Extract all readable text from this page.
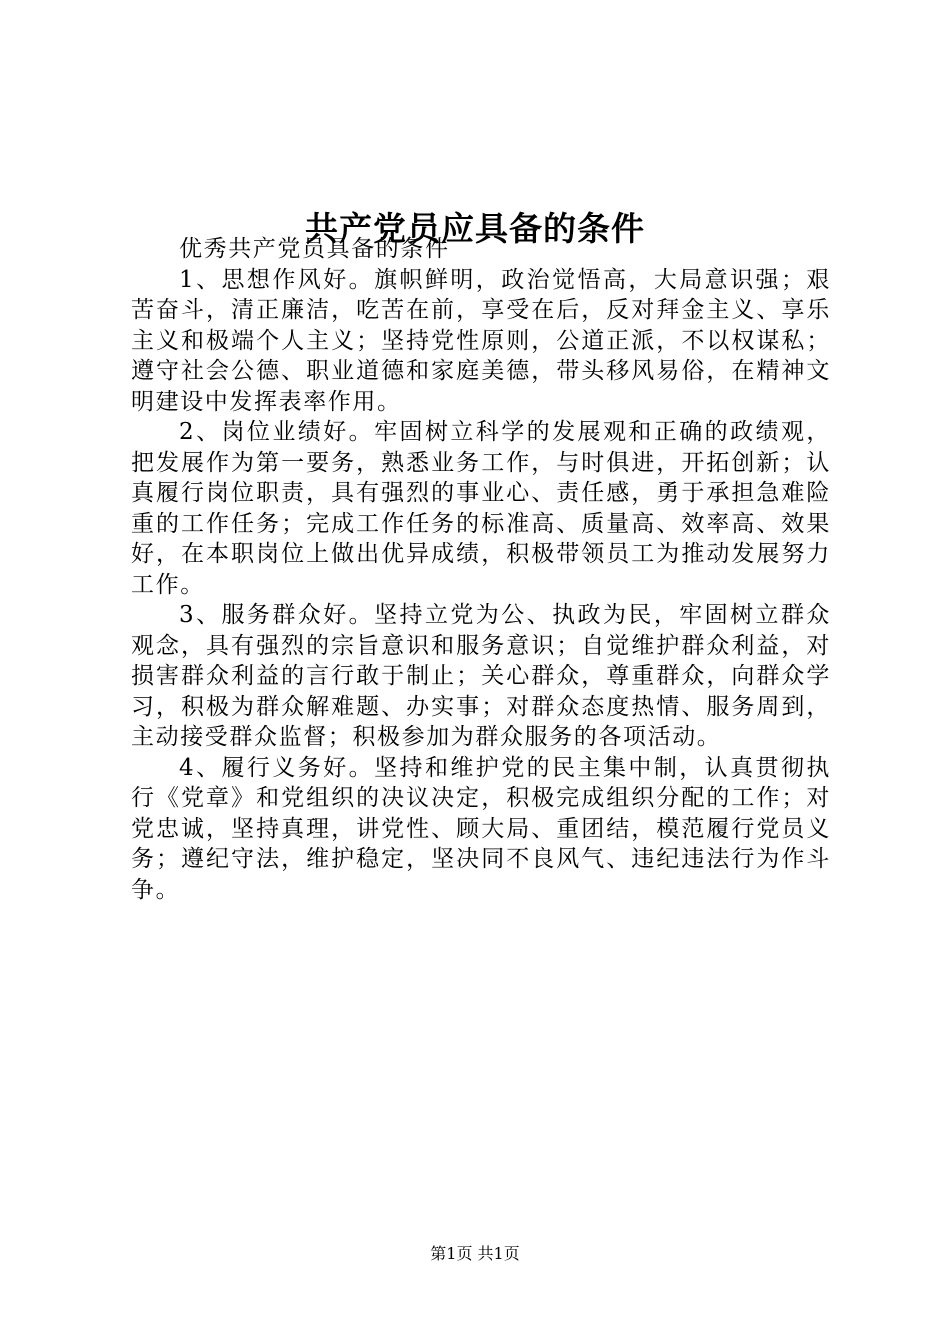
共产党员应具备的条件

优秀共产党员具备的条件

1、思想作风好。旗帜鲜明，政治觉悟高，大局意识强；艰苦奋斗，清正廉洁，吃苦在前，享受在后，反对拜金主义、享乐主义和极端个人主义；坚持党性原则，公道正派，不以权谋私；遵守社会公德、职业道德和家庭美德，带头移风易俗，在精神文明建设中发挥表率作用。

2、岗位业绩好。牢固树立科学的发展观和正确的政绩观，把发展作为第一要务，熟悉业务工作，与时俱进，开拓创新；认真履行岗位职责，具有强烈的事业心、责任感，勇于承担急难险重的工作任务；完成工作任务的标准高、质量高、效率高、效果好，在本职岗位上做出优异成绩，积极带领员工为推动发展努力工作。

3、服务群众好。坚持立党为公、执政为民，牢固树立群众观念，具有强烈的宗旨意识和服务意识；自觉维护群众利益，对损害群众利益的言行敢于制止；关心群众，尊重群众，向群众学习，积极为群众解难题、办实事；对群众态度热情、服务周到，主动接受群众监督；积极参加为群众服务的各项活动。

4、履行义务好。坚持和维护党的民主集中制，认真贯彻执行《党章》和党组织的决议决定，积极完成组织分配的工作；对党忠诚，坚持真理，讲党性、顾大局、重团结，模范履行党员义务；遵纪守法，维护稳定，坚决同不良风气、违纪违法行为作斗争。

第1页 共1页
